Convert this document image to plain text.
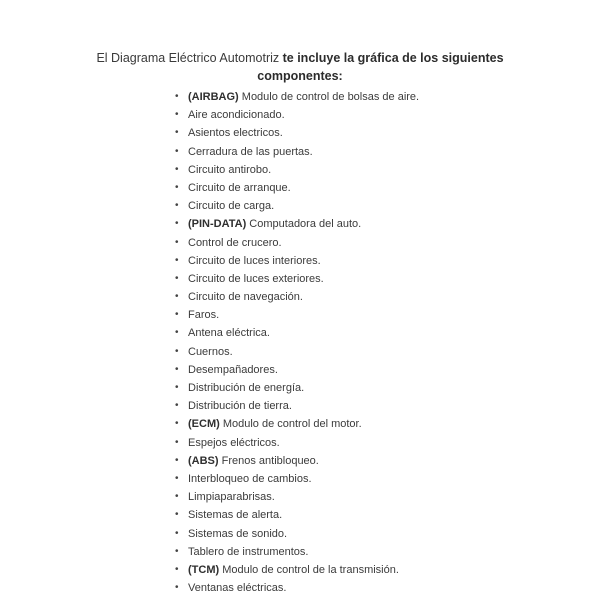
El Diagrama Eléctrico Automotriz te incluye la gráfica de los siguientes componentes:

• (AIRBAG) Modulo de control de bolsas de aire.
• Aire acondicionado.
• Asientos electricos.
• Cerradura de las puertas.
• Circuito antirobo.
• Circuito de arranque.
• Circuito de carga.
• (PIN-DATA) Computadora del auto.
• Control de crucero.
• Circuito de luces interiores.
• Circuito de luces exteriores.
• Circuito de navegación.
• Faros.
• Antena eléctrica.
• Cuernos.
• Desempañadores.
• Distribución de energía.
• Distribución de tierra.
• (ECM) Modulo de control del motor.
• Espejos eléctricos.
• (ABS) Frenos antibloqueo.
• Interbloqueo de cambios.
• Limpiaparabrisas.
• Sistemas de alerta.
• Sistemas de sonido.
• Tablero de instrumentos.
• (TCM) Modulo de control de la transmisión.
• Ventanas eléctricas.
